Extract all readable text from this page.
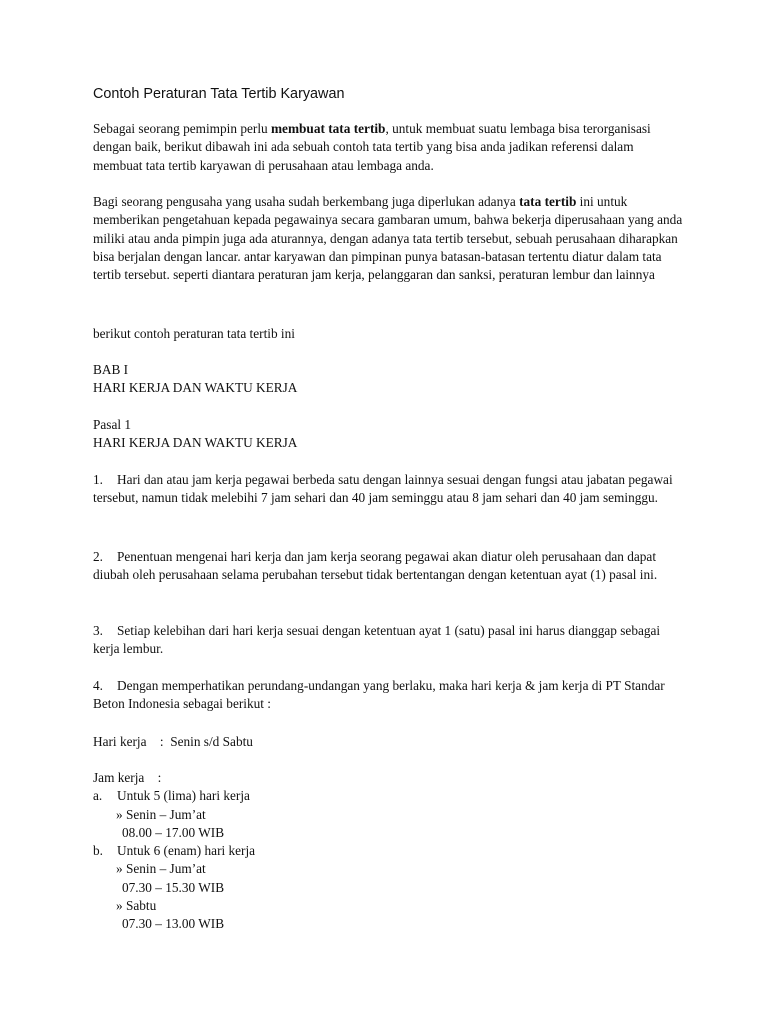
Contoh Peraturan Tata Tertib Karyawan
Sebagai seorang pemimpin perlu membuat tata tertib, untuk membuat suatu lembaga bisa terorganisasi dengan baik, berikut dibawah ini ada sebuah contoh tata tertib yang bisa anda jadikan referensi dalam membuat tata tertib karyawan di perusahaan atau lembaga anda.
Bagi seorang pengusaha yang usaha sudah berkembang juga diperlukan adanya tata tertib ini untuk memberikan pengetahuan kepada pegawainya secara gambaran umum, bahwa bekerja diperusahaan yang anda miliki atau anda pimpin juga ada aturannya, dengan adanya tata tertib tersebut, sebuah perusahaan diharapkan bisa berjalan dengan lancar. antar karyawan dan pimpinan punya batasan-batasan tertentu diatur dalam tata tertib tersebut. seperti diantara peraturan jam kerja, pelanggaran dan sanksi, peraturan lembur dan lainnya
berikut contoh peraturan tata tertib ini
BAB I
HARI KERJA DAN WAKTU KERJA
Pasal 1
HARI KERJA DAN WAKTU KERJA
1. Hari dan atau jam kerja pegawai berbeda satu dengan lainnya sesuai dengan fungsi atau jabatan pegawai tersebut, namun tidak melebihi 7 jam sehari dan 40 jam seminggu atau 8 jam sehari dan 40 jam seminggu.
2. Penentuan mengenai hari kerja dan jam kerja seorang pegawai akan diatur oleh perusahaan dan dapat diubah oleh perusahaan selama perubahan tersebut tidak bertentangan dengan ketentuan ayat (1) pasal ini.
3. Setiap kelebihan dari hari kerja sesuai dengan ketentuan ayat 1 (satu) pasal ini harus dianggap sebagai kerja lembur.
4. Dengan memperhatikan perundang-undangan yang berlaku, maka hari kerja & jam kerja di PT Standar Beton Indonesia sebagai berikut :
Hari kerja : Senin s/d Sabtu
Jam kerja :
a. Untuk 5 (lima) hari kerja
» Senin – Jum’at
08.00 – 17.00 WIB
b. Untuk 6 (enam) hari kerja
» Senin – Jum’at
07.30 – 15.30 WIB
» Sabtu
07.30 – 13.00 WIB
